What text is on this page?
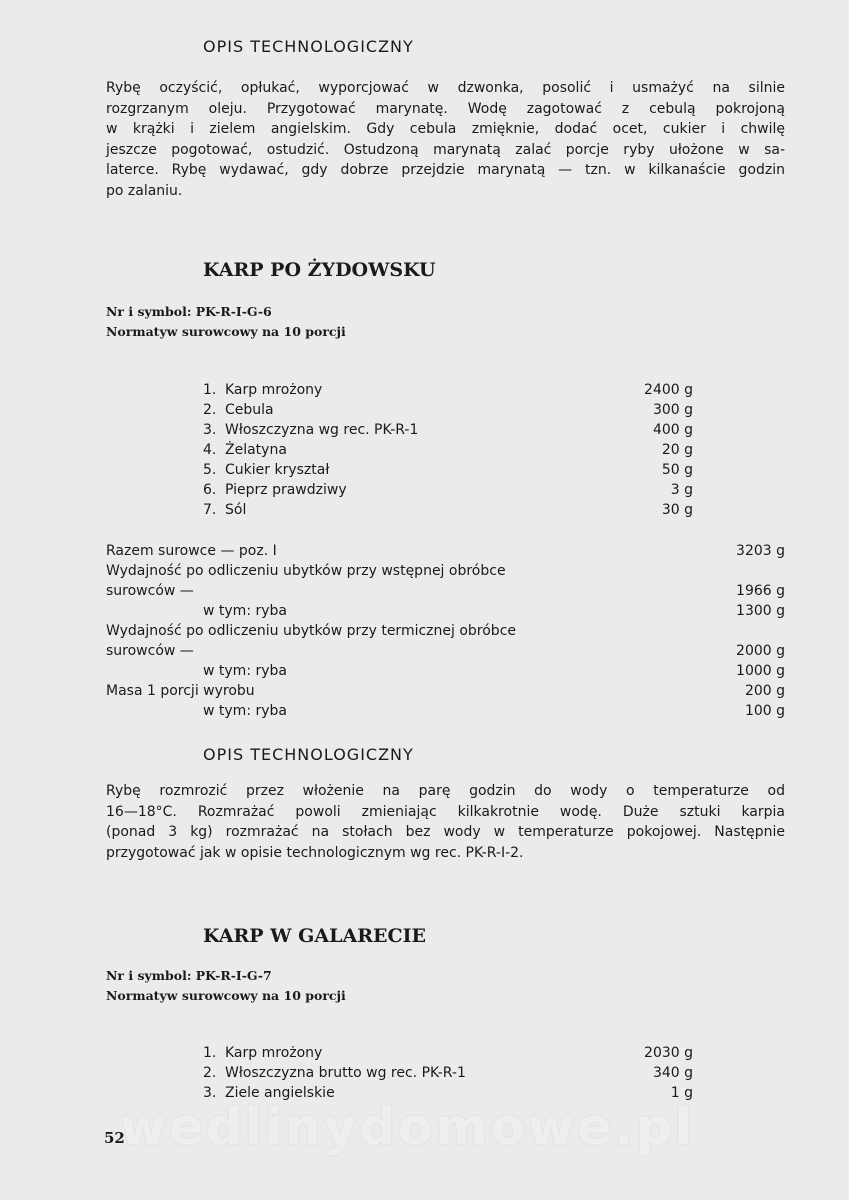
OPIS TECHNOLOGICZNY
Rybę oczyścić, opłukać, wyporcjować w dzwonka, posolić i usmażyć na silnie
rozgrzanym oleju. Przygotować marynatę. Wodę zagotować z cebulą pokrojoną
w krążki i zielem angielskim. Gdy cebula zmięknie, dodać ocet, cukier i chwilę
jeszcze pogotować, ostudzić. Ostudzoną marynatą zalać porcje ryby ułożone w sa-
laterce. Rybę wydawać, gdy dobrze przejdzie marynatą — tzn. w kilkanaście godzin
po zalaniu.
KARP PO ŻYDOWSKU
Nr i symbol: PK-R-I-G-6
Normatyw surowcowy na 10 porcji
1. Karp mrożony	2400 g
2. Cebula	300 g
3. Włoszczyzna wg rec. PK-R-1	400 g
4. Żelatyna	20 g
5. Cukier kryształ	50 g
6. Pieprz prawdziwy	3 g
7. Sól	30 g
Razem surowce — poz. I	3203 g
Wydajność po odliczeniu ubytków przy wstępnej obróbce
surowców —	1966 g
w tym: ryba	1300 g
Wydajność po odliczeniu ubytków przy termicznej obróbce
surowców —	2000 g
w tym: ryba	1000 g
Masa 1 porcji wyrobu	200 g
w tym: ryba	100 g
OPIS TECHNOLOGICZNY
Rybę rozmrozić przez włożenie na parę godzin do wody o temperaturze od
16—18°C. Rozmrażać powoli zmieniając kilkakrotnie wodę. Duże sztuki karpia
(ponad 3 kg) rozmrażać na stołach bez wody w temperaturze pokojowej. Następnie
przygotować jak w opisie technologicznym wg rec. PK-R-I-2.
KARP W GALARECIE
Nr i symbol: PK-R-I-G-7
Normatyw surowcowy na 10 porcji
1. Karp mrożony	2030 g
2. Włoszczyzna brutto wg rec. PK-R-1	340 g
3. Ziele angielskie	1 g
wedlinydomowe.pl
52
